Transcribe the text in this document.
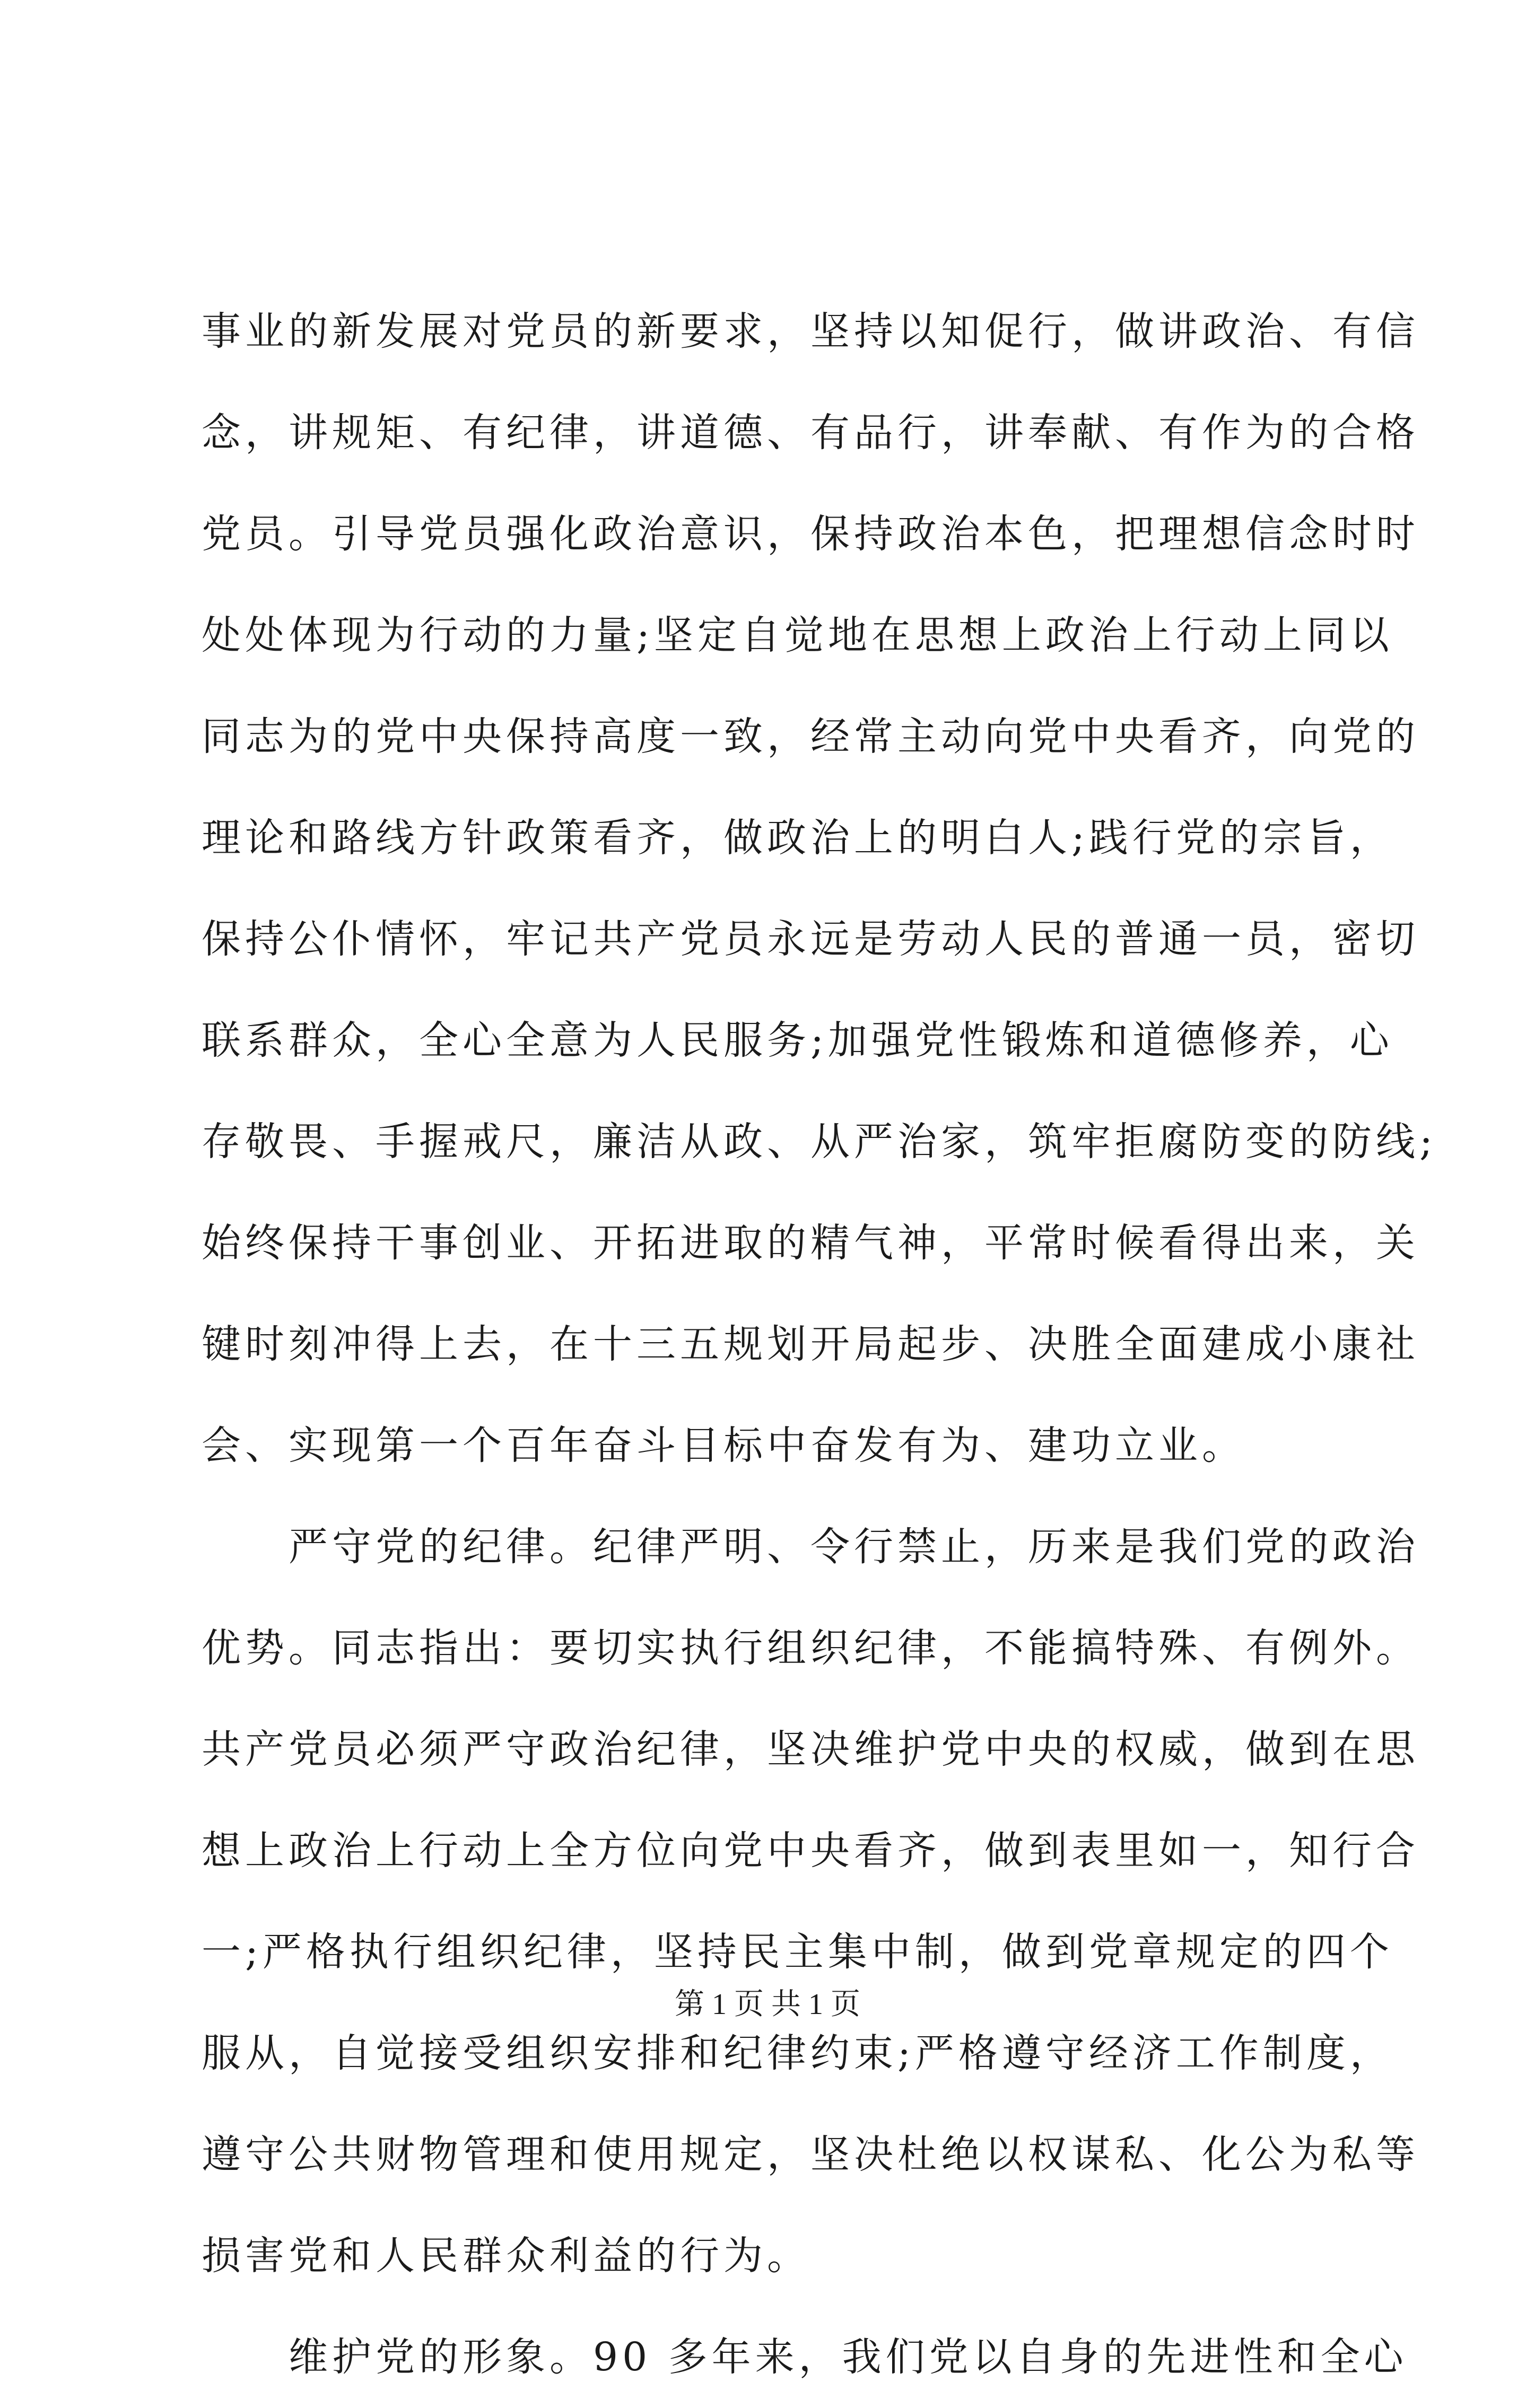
事业的新发展对党员的新要求，坚持以知促行，做讲政治、有信
念，讲规矩、有纪律，讲道德、有品行，讲奉献、有作为的合格
党员。引导党员强化政治意识，保持政治本色，把理想信念时时
处处体现为行动的力量;坚定自觉地在思想上政治上行动上同以
同志为的党中央保持高度一致，经常主动向党中央看齐，向党的
理论和路线方针政策看齐，做政治上的明白人;践行党的宗旨，
保持公仆情怀，牢记共产党员永远是劳动人民的普通一员，密切
联系群众，全心全意为人民服务;加强党性锻炼和道德修养，心
存敬畏、手握戒尺，廉洁从政、从严治家，筑牢拒腐防变的防线;
始终保持干事创业、开拓进取的精气神，平常时候看得出来，关
键时刻冲得上去，在十三五规划开局起步、决胜全面建成小康社
会、实现第一个百年奋斗目标中奋发有为、建功立业。
　　严守党的纪律。纪律严明、令行禁止，历来是我们党的政治
优势。同志指出：要切实执行组织纪律，不能搞特殊、有例外。
共产党员必须严守政治纪律，坚决维护党中央的权威，做到在思
想上政治上行动上全方位向党中央看齐，做到表里如一，知行合
一;严格执行组织纪律，坚持民主集中制，做到党章规定的四个
服从，自觉接受组织安排和纪律约束;严格遵守经济工作制度，
遵守公共财物管理和使用规定，坚决杜绝以权谋私、化公为私等
损害党和人民群众利益的行为。
　　维护党的形象。90 多年来，我们党以自身的先进性和全心
第 1 页 共 1 页
